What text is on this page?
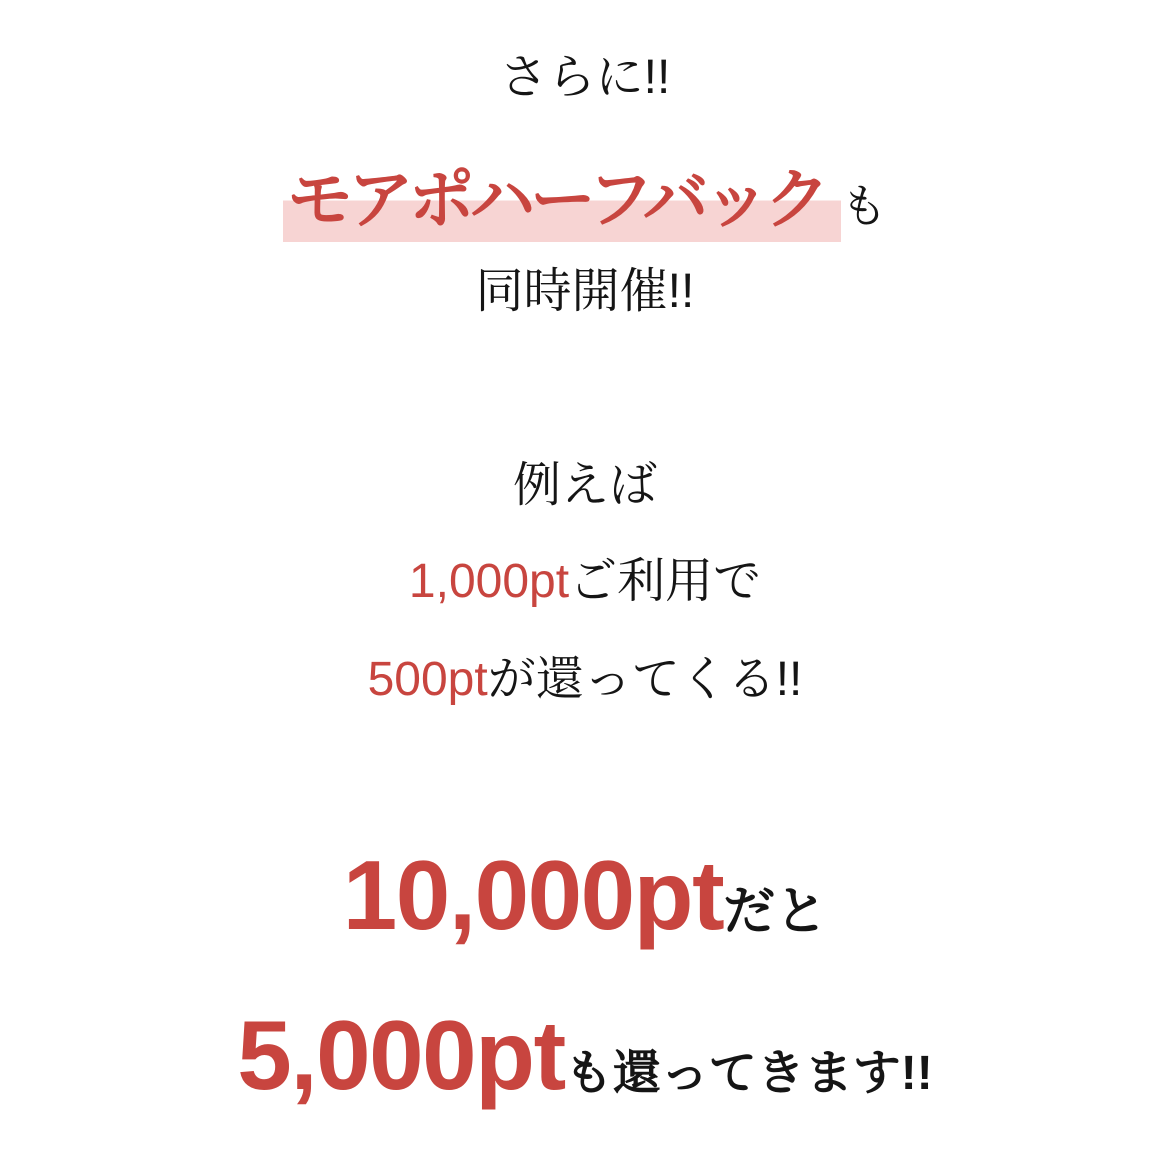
さらに!!
モアポハーフバック も
同時開催!!
例えば
1,000ptご利用で
500ptが還ってくる!!
10,000ptだと
5,000ptも還ってきます!!
